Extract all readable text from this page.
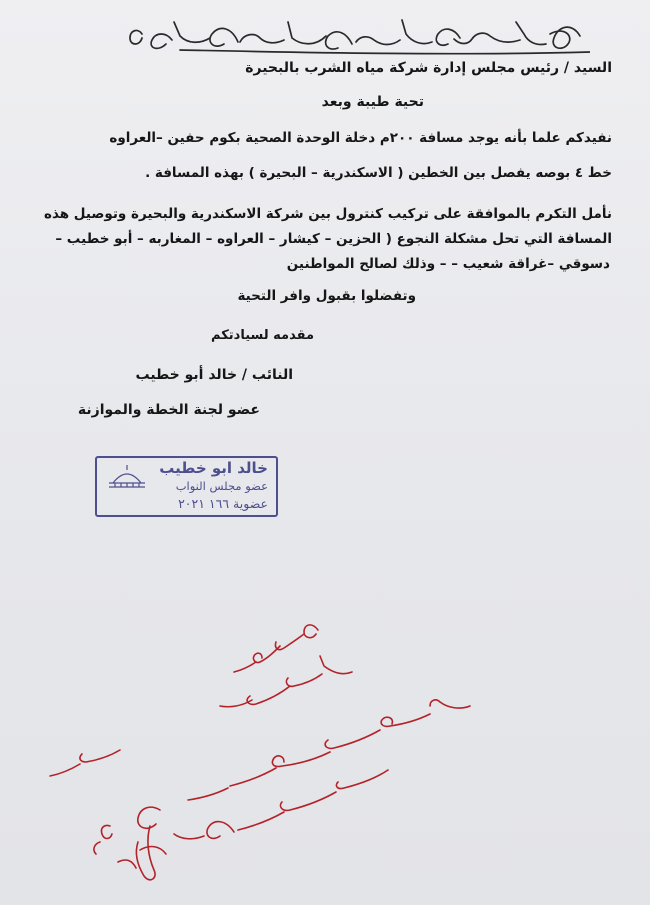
السيد / رئيس مجلس إدارة شركة مياه الشرب بالبحيرة
تحية طيبة وبعد
نفيدكم علما بأنه يوجد مسافة ٢٠٠م دخلة الوحدة الصحية بكوم حفين –العراوه
خط ٤ بوصه يفصل بين الخطين ( الاسكندرية – البحيرة ) بهذه المسافة .
نأمل التكرم بالموافقة على تركيب كنترول بين شركة الاسكندرية والبحيرة وتوصيل هذه
المسافة التي تحل مشكلة النجوع ( الحزين – كيشار – العراوه – المغاربه – أبو خطيب –
دسوقي –غراقة شعيب – – وذلك لصالح المواطنين
وتفضلوا بقبول وافر التحية
مقدمه لسيادتكم
النائب / خالد أبو خطيب
عضو لجنة الخطة والموازنة
خالد ابو خطيب
عضو مجلس النواب
عضوية ١٦٦ ٢٠٢١
